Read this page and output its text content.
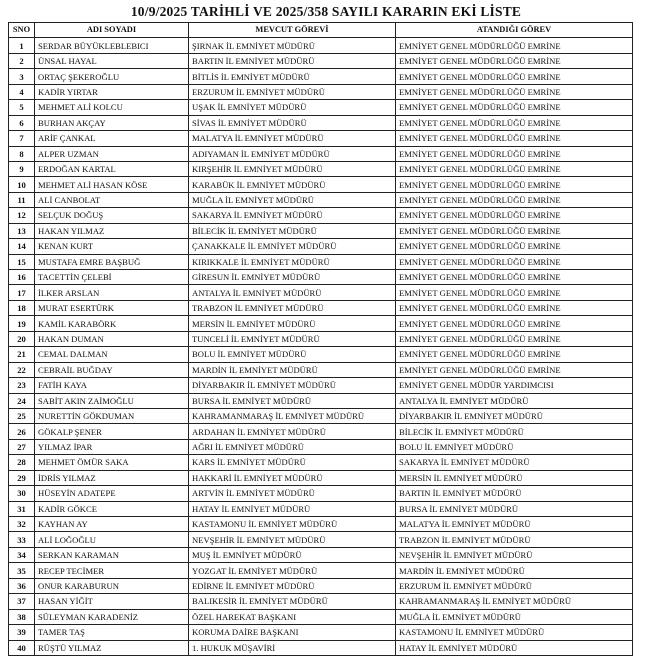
10/9/2025 TARİHLİ VE 2025/358 SAYILI KARARIN EKİ LİSTE
SNO	ADI SOYADI	MEVCUT GÖREVİ	ATANDIĞI GÖREV
1	SERDAR BÜYÜKLEBLEBICI	ŞIRNAK İL EMNİYET MÜDÜRÜ	EMNİYET GENEL MÜDÜRLÜĞÜ EMRİNE
2	ÜNSAL HAYAL	BARTIN İL EMNİYET MÜDÜRÜ	EMNİYET GENEL MÜDÜRLÜĞÜ EMRİNE
3	ORTAÇ ŞEKEROĞLU	BİTLİS İL EMNİYET MÜDÜRÜ	EMNİYET GENEL MÜDÜRLÜĞÜ EMRİNE
4	KADİR YIRTAR	ERZURUM İL EMNİYET MÜDÜRÜ	EMNİYET GENEL MÜDÜRLÜĞÜ EMRİNE
5	MEHMET ALİ KOLCU	UŞAK İL EMNİYET MÜDÜRÜ	EMNİYET GENEL MÜDÜRLÜĞÜ EMRİNE
6	BURHAN AKÇAY	SİVAS İL EMNİYET MÜDÜRÜ	EMNİYET GENEL MÜDÜRLÜĞÜ EMRİNE
7	ARİF ÇANKAL	MALATYA İL EMNİYET MÜDÜRÜ	EMNİYET GENEL MÜDÜRLÜĞÜ EMRİNE
8	ALPER UZMAN	ADIYAMAN İL EMNİYET MÜDÜRÜ	EMNİYET GENEL MÜDÜRLÜĞÜ EMRİNE
9	ERDOĞAN KARTAL	KIRŞEHİR İL EMNİYET MÜDÜRÜ	EMNİYET GENEL MÜDÜRLÜĞÜ EMRİNE
10	MEHMET ALİ HASAN KÖSE	KARABÜK İL EMNİYET MÜDÜRÜ	EMNİYET GENEL MÜDÜRLÜĞÜ EMRİNE
11	ALİ CANBOLAT	MUĞLA İL EMNİYET MÜDÜRÜ	EMNİYET GENEL MÜDÜRLÜĞÜ EMRİNE
12	SELÇUK DOĞUŞ	SAKARYA İL EMNİYET MÜDÜRÜ	EMNİYET GENEL MÜDÜRLÜĞÜ EMRİNE
13	HAKAN YILMAZ	BİLECİK İL EMNİYET MÜDÜRÜ	EMNİYET GENEL MÜDÜRLÜĞÜ EMRİNE
14	KENAN KURT	ÇANAKKALE İL EMNİYET MÜDÜRÜ	EMNİYET GENEL MÜDÜRLÜĞÜ EMRİNE
15	MUSTAFA EMRE BAŞBUĞ	KIRIKKALE İL EMNİYET MÜDÜRÜ	EMNİYET GENEL MÜDÜRLÜĞÜ EMRİNE
16	TACETTİN ÇELEBİ	GİRESUN İL EMNİYET MÜDÜRÜ	EMNİYET GENEL MÜDÜRLÜĞÜ EMRİNE
17	İLKER ARSLAN	ANTALYA İL EMNİYET MÜDÜRÜ	EMNİYET GENEL MÜDÜRLÜĞÜ EMRİNE
18	MURAT ESERTÜRK	TRABZON İL EMNİYET MÜDÜRÜ	EMNİYET GENEL MÜDÜRLÜĞÜ EMRİNE
19	KAMİL KARABÖRK	MERSİN İL EMNİYET MÜDÜRÜ	EMNİYET GENEL MÜDÜRLÜĞÜ EMRİNE
20	HAKAN DUMAN	TUNCELİ İL EMNİYET MÜDÜRÜ	EMNİYET GENEL MÜDÜRLÜĞÜ EMRİNE
21	CEMAL DALMAN	BOLU İL EMNİYET MÜDÜRÜ	EMNİYET GENEL MÜDÜRLÜĞÜ EMRİNE
22	CEBRAİL BUĞDAY	MARDİN İL EMNİYET MÜDÜRÜ	EMNİYET GENEL MÜDÜRLÜĞÜ EMRİNE
23	FATİH KAYA	DİYARBAKIR İL EMNİYET MÜDÜRÜ	EMNİYET GENEL MÜDÜR YARDIMCISI
24	SABİT AKIN ZAİMOĞLU	BURSA İL EMNİYET MÜDÜRÜ	ANTALYA İL EMNİYET MÜDÜRÜ
25	NURETTİN GÖKDUMAN	KAHRAMANMARAŞ İL EMNİYET MÜDÜRÜ	DİYARBAKIR İL EMNİYET MÜDÜRÜ
26	GÖKALP ŞENER	ARDAHAN İL EMNİYET MÜDÜRÜ	BİLECİK İL EMNİYET MÜDÜRÜ
27	YILMAZ İPAR	AĞRI İL EMNİYET MÜDÜRÜ	BOLU İL EMNİYET MÜDÜRÜ
28	MEHMET ÖMÜR SAKA	KARS İL EMNİYET MÜDÜRÜ	SAKARYA İL EMNİYET MÜDÜRÜ
29	İDRİS YILMAZ	HAKKARİ İL EMNİYET MÜDÜRÜ	MERSİN İL EMNİYET MÜDÜRÜ
30	HÜSEYİN ADATEPE	ARTVİN İL EMNİYET MÜDÜRÜ	BARTIN İL EMNİYET MÜDÜRÜ
31	KADİR GÖKCE	HATAY İL EMNİYET MÜDÜRÜ	BURSA İL EMNİYET MÜDÜRÜ
32	KAYHAN AY	KASTAMONU İL EMNİYET MÜDÜRÜ	MALATYA İL EMNİYET MÜDÜRÜ
33	ALİ LOĞOĞLU	NEVŞEHİR İL EMNİYET MÜDÜRÜ	TRABZON İL EMNİYET MÜDÜRÜ
34	SERKAN KARAMAN	MUŞ İL EMNİYET MÜDÜRÜ	NEVŞEHİR İL EMNİYET MÜDÜRÜ
35	RECEP TECİMER	YOZGAT İL EMNİYET MÜDÜRÜ	MARDİN İL EMNİYET MÜDÜRÜ
36	ONUR KARABURUN	EDİRNE İL EMNİYET MÜDÜRÜ	ERZURUM İL EMNİYET MÜDÜRÜ
37	HASAN YİĞİT	BALIKESİR İL EMNİYET MÜDÜRÜ	KAHRAMANMARAŞ İL EMNİYET MÜDÜRÜ
38	SÜLEYMAN KARADENİZ	ÖZEL HAREKAT BAŞKANI	MUĞLA İL EMNİYET MÜDÜRÜ
39	TAMER TAŞ	KORUMA DAİRE BAŞKANI	KASTAMONU İL EMNİYET MÜDÜRÜ
40	RÜŞTÜ YILMAZ	1. HUKUK MÜŞAVİRİ	HATAY İL EMNİYET MÜDÜRÜ
